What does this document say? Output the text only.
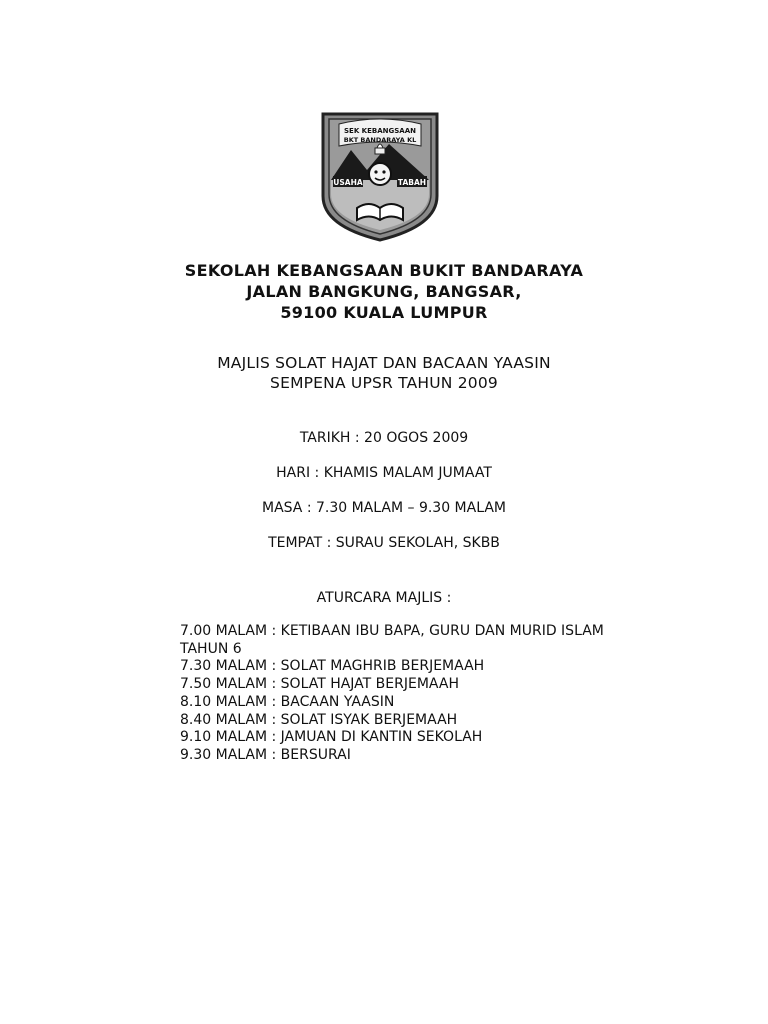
SEK KEBANGSAAN
BKT BANDARAYA KL
USAHA	TABAH
SEKOLAH KEBANGSAAN BUKIT BANDARAYA
JALAN BANGKUNG, BANGSAR,
59100 KUALA LUMPUR
MAJLIS SOLAT HAJAT DAN BACAAN YAASIN
SEMPENA UPSR TAHUN 2009
TARIKH : 20 OGOS 2009
HARI : KHAMIS MALAM JUMAAT
MASA : 7.30 MALAM – 9.30 MALAM
TEMPAT : SURAU SEKOLAH, SKBB
ATURCARA MAJLIS :
7.00 MALAM : KETIBAAN IBU BAPA, GURU DAN MURID ISLAM
TAHUN 6
7.30 MALAM : SOLAT MAGHRIB BERJEMAAH
7.50 MALAM : SOLAT HAJAT BERJEMAAH
8.10 MALAM : BACAAN YAASIN
8.40 MALAM : SOLAT ISYAK BERJEMAAH
9.10 MALAM : JAMUAN DI KANTIN SEKOLAH
9.30 MALAM : BERSURAI
